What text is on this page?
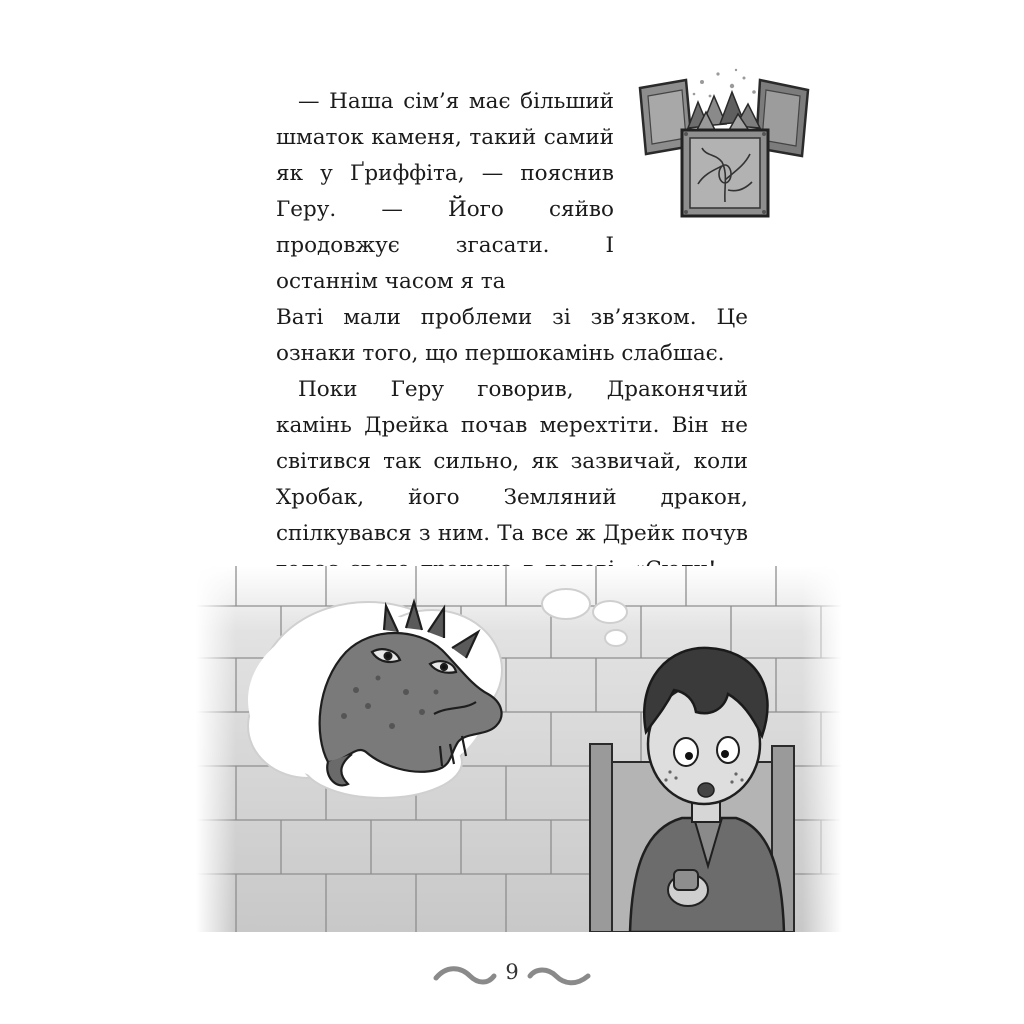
— Наша сім’я має більший шматок каменя, такий самий як у Ґриффіта, — пояснив Геру. — Його сяйво продовжує згасати. І останнім часом я та

Ваті мали проблеми зі зв’язком. Це ознаки того, що першокамінь слабшає.

Поки Геру говорив, Драконячий камінь Дрейка почав мерехтіти. Він не світився так сильно, як зазвичай, коли Хробак, його Земляний дракон, спілкувався з ним. Та все ж Дрейк почув

9
